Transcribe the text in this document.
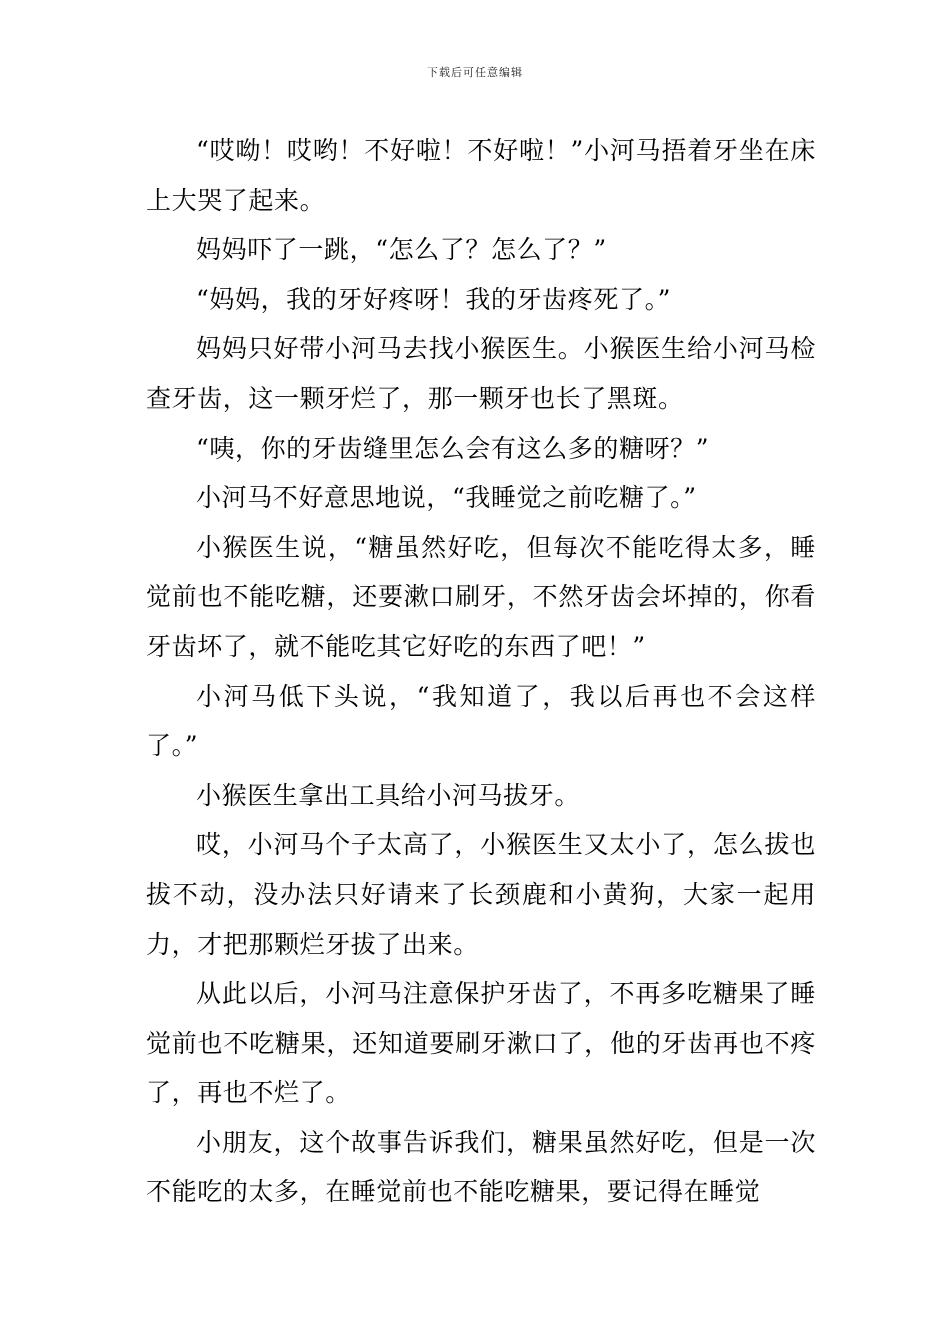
下载后可任意编辑

“哎呦！哎哟！不好啦！不好啦！”小河马捂着牙坐在床上大哭了起来。

妈妈吓了一跳，“怎么了？怎么了？”

“妈妈，我的牙好疼呀！我的牙齿疼死了。”

妈妈只好带小河马去找小猴医生。小猴医生给小河马检查牙齿，这一颗牙烂了，那一颗牙也长了黑斑。

“咦，你的牙齿缝里怎么会有这么多的糖呀？”

小河马不好意思地说，“我睡觉之前吃糖了。”

小猴医生说，“糖虽然好吃，但每次不能吃得太多，睡觉前也不能吃糖，还要漱口刷牙，不然牙齿会坏掉的，你看牙齿坏了，就不能吃其它好吃的东西了吧！”

小河马低下头说，“我知道了，我以后再也不会这样了。”

小猴医生拿出工具给小河马拔牙。

哎，小河马个子太高了，小猴医生又太小了，怎么拔也拔不动，没办法只好请来了长颈鹿和小黄狗，大家一起用力，才把那颗烂牙拔了出来。

从此以后，小河马注意保护牙齿了，不再多吃糖果了睡觉前也不吃糖果，还知道要刷牙漱口了，他的牙齿再也不疼了，再也不烂了。

小朋友，这个故事告诉我们，糖果虽然好吃，但是一次不能吃的太多，在睡觉前也不能吃糖果，要记得在睡觉
